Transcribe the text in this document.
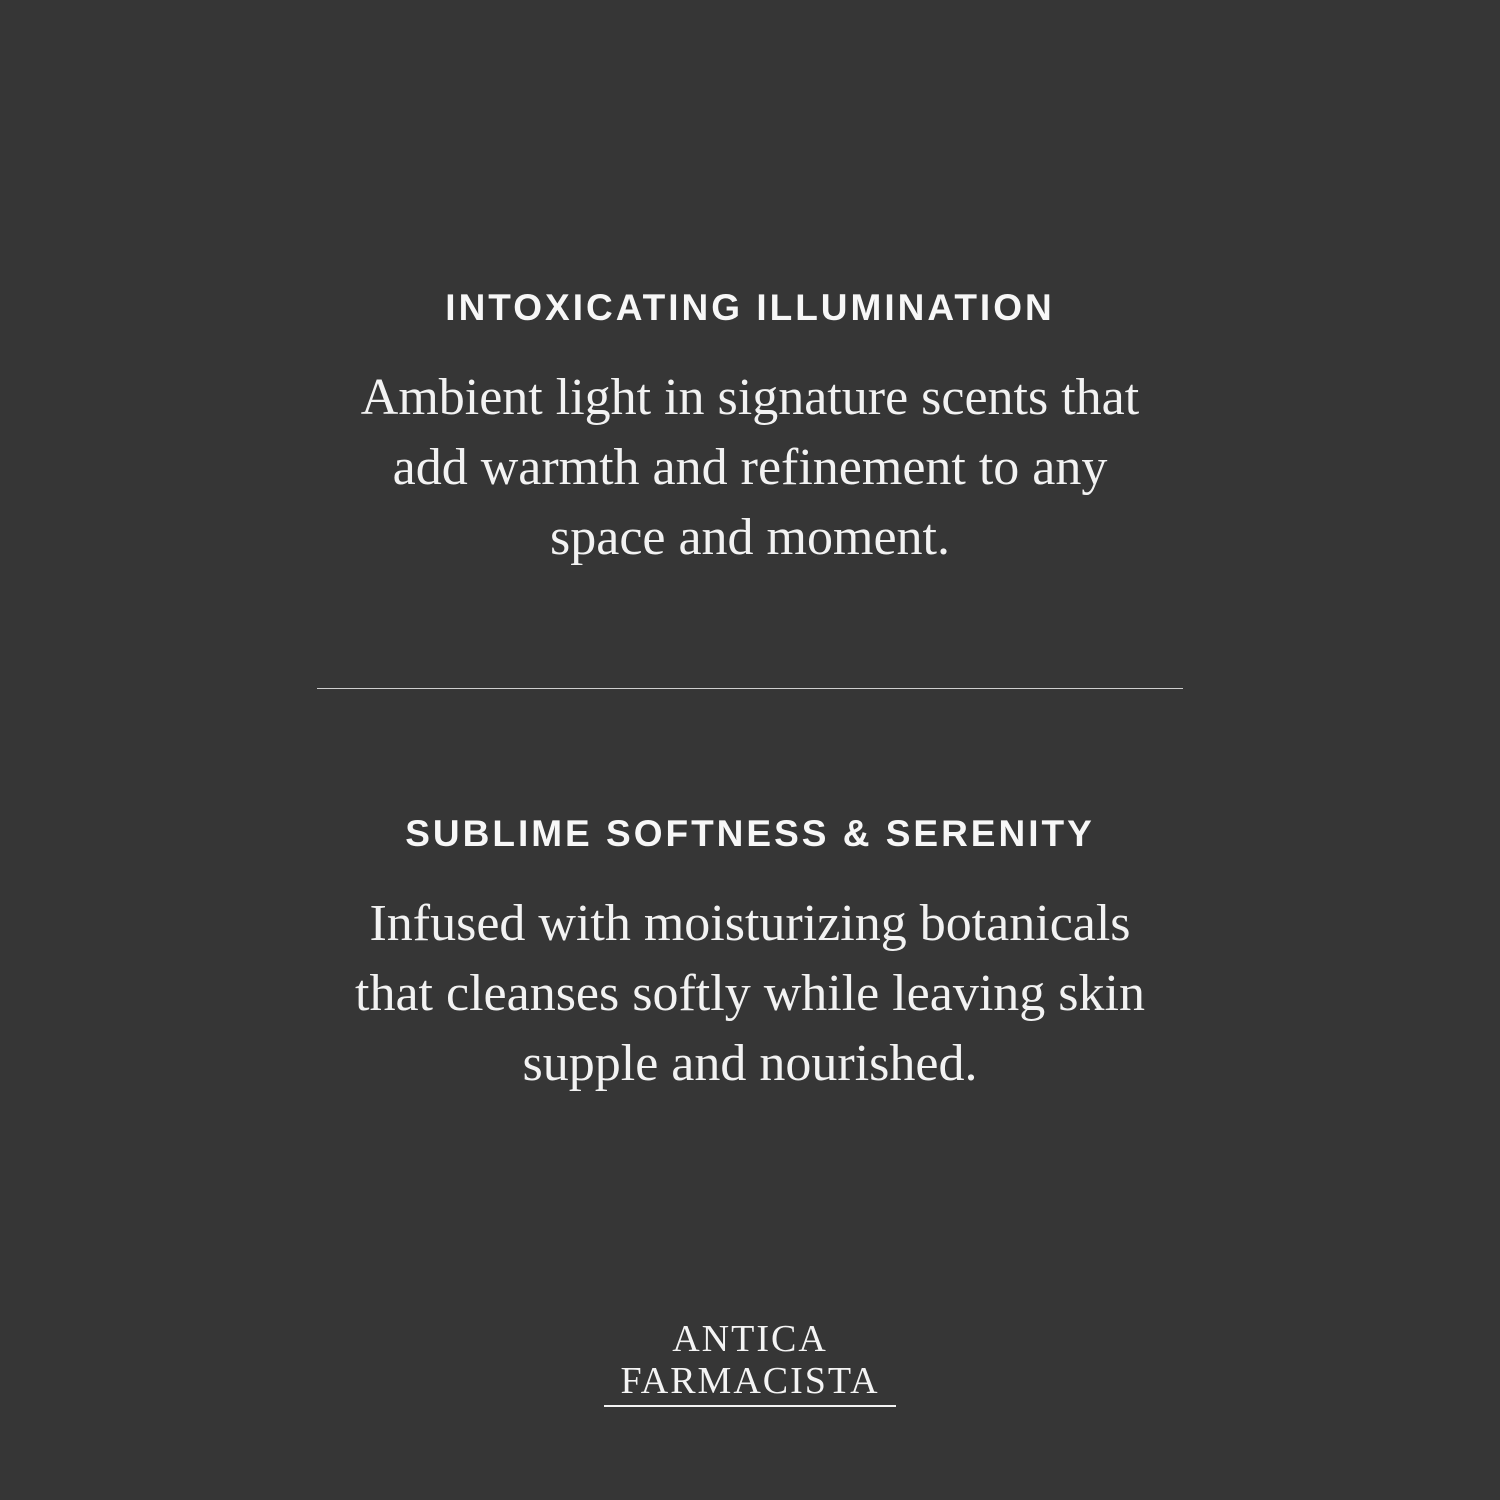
INTOXICATING ILLUMINATION

Ambient light in signature scents that
add warmth and refinement to any
space and moment.

SUBLIME SOFTNESS & SERENITY

Infused with moisturizing botanicals
that cleanses softly while leaving skin
supple and nourished.

ANTICA
FARMACISTA
